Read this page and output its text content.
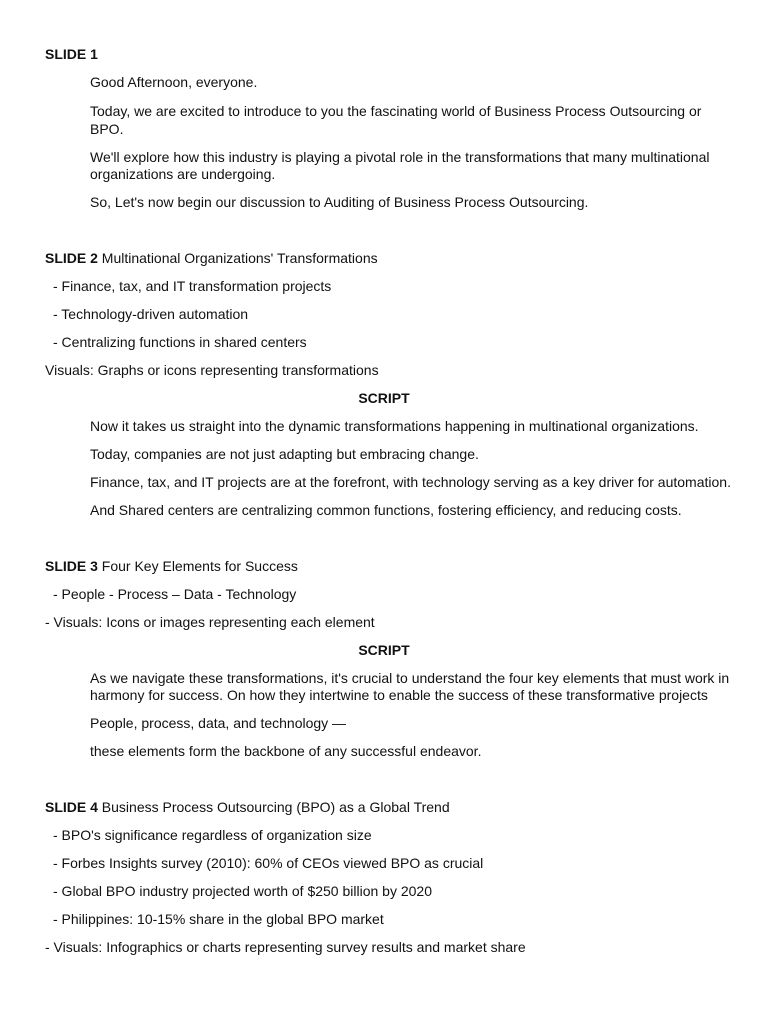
SLIDE 1
Good Afternoon, everyone.
Today, we are excited to introduce to you the fascinating world of Business Process Outsourcing or
BPO.
We'll explore how this industry is playing a pivotal role in the transformations that many multinational
organizations are undergoing.
So, Let's now begin our discussion to Auditing of Business Process Outsourcing.
SLIDE 2 Multinational Organizations' Transformations
- Finance, tax, and IT transformation projects
- Technology-driven automation
- Centralizing functions in shared centers
Visuals: Graphs or icons representing transformations
SCRIPT
Now it takes us straight into the dynamic transformations happening in multinational organizations.
Today, companies are not just adapting but embracing change.
Finance, tax, and IT projects are at the forefront, with technology serving as a key driver for automation.
And Shared centers are centralizing common functions, fostering efficiency, and reducing costs.
SLIDE 3 Four Key Elements for Success
- People - Process – Data - Technology
- Visuals: Icons or images representing each element
SCRIPT
As we navigate these transformations, it's crucial to understand the four key elements that must work in
harmony for success. On how they intertwine to enable the success of these transformative projects
People, process, data, and technology —
these elements form the backbone of any successful endeavor.
SLIDE 4 Business Process Outsourcing (BPO) as a Global Trend
- BPO's significance regardless of organization size
- Forbes Insights survey (2010): 60% of CEOs viewed BPO as crucial
- Global BPO industry projected worth of $250 billion by 2020
- Philippines: 10-15% share in the global BPO market
- Visuals: Infographics or charts representing survey results and market share
